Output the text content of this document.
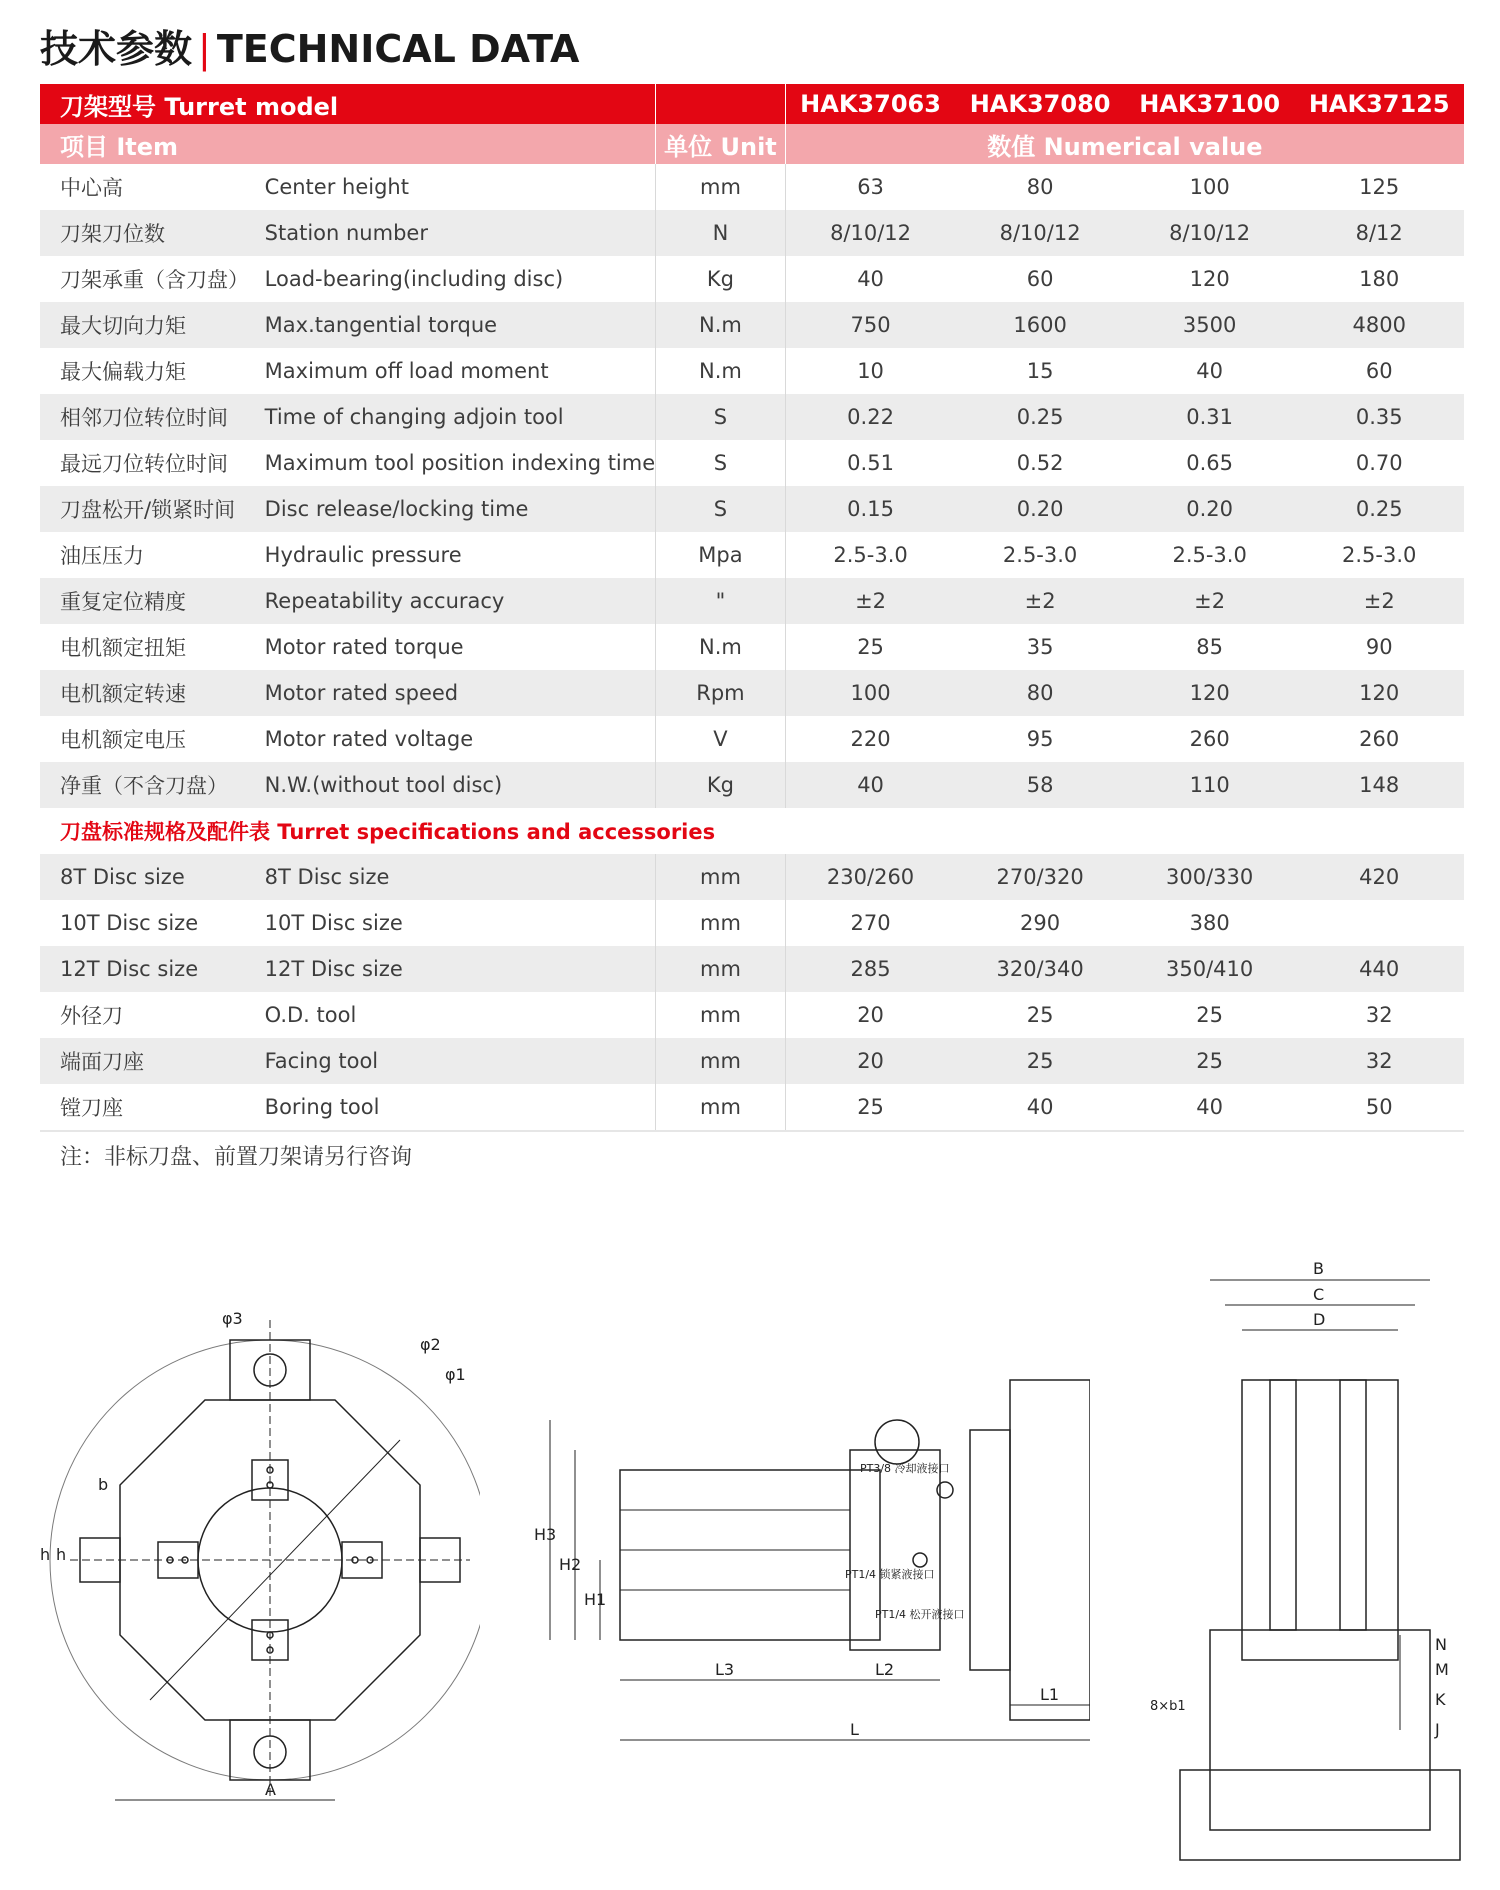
技术参数 | TECHNICAL DATA
刀架型号 Turret model			HAK37063	HAK37080	HAK37100	HAK37125
项目 Item		单位 Unit	数值 Numerical value			
中心高	Center height	mm	63	80	100	125
刀架刀位数	Station number	N	8/10/12	8/10/12	8/10/12	8/12
刀架承重（含刀盘）	Load-bearing(including disc)	Kg	40	60	120	180
最大切向力矩	Max.tangential torque	N.m	750	1600	3500	4800
最大偏载力矩	Maximum off load moment	N.m	10	15	40	60
相邻刀位转位时间	Time of changing adjoin tool	S	0.22	0.25	0.31	0.35
最远刀位转位时间	Maximum tool position indexing time	S	0.51	0.52	0.65	0.70
刀盘松开/锁紧时间	Disc release/locking time	S	0.15	0.20	0.20	0.25
油压压力	Hydraulic pressure	Mpa	2.5-3.0	2.5-3.0	2.5-3.0	2.5-3.0
重复定位精度	Repeatability accuracy	"	±2	±2	±2	±2
电机额定扭矩	Motor rated torque	N.m	25	35	85	90
电机额定转速	Motor rated speed	Rpm	100	80	120	120
电机额定电压	Motor rated voltage	V	220	95	260	260
净重（不含刀盘）	N.W.(without tool disc)	Kg	40	58	110	148
刀盘标准规格及配件表 Turret specifications and accessories						
8T Disc size	8T Disc size	mm	230/260	270/320	300/330	420
10T Disc size	10T Disc size	mm	270	290	380	
12T Disc size	12T Disc size	mm	285	320/340	350/410	440
外径刀	O.D. tool	mm	20	25	25	32
端面刀座	Facing tool	mm	20	25	25	32
镗刀座	Boring tool	mm	25	40	40	50
注：非标刀盘、前置刀架请另行咨询
φ3
φ2
φ1
b
h h
A
H3
H2
H1
L3	L2
L1
L
PT3/8 冷却液接口
PT1/4 锁紧液接口
PT1/4 松开液接口
B
C
D
N
M
K
J
8×b1
